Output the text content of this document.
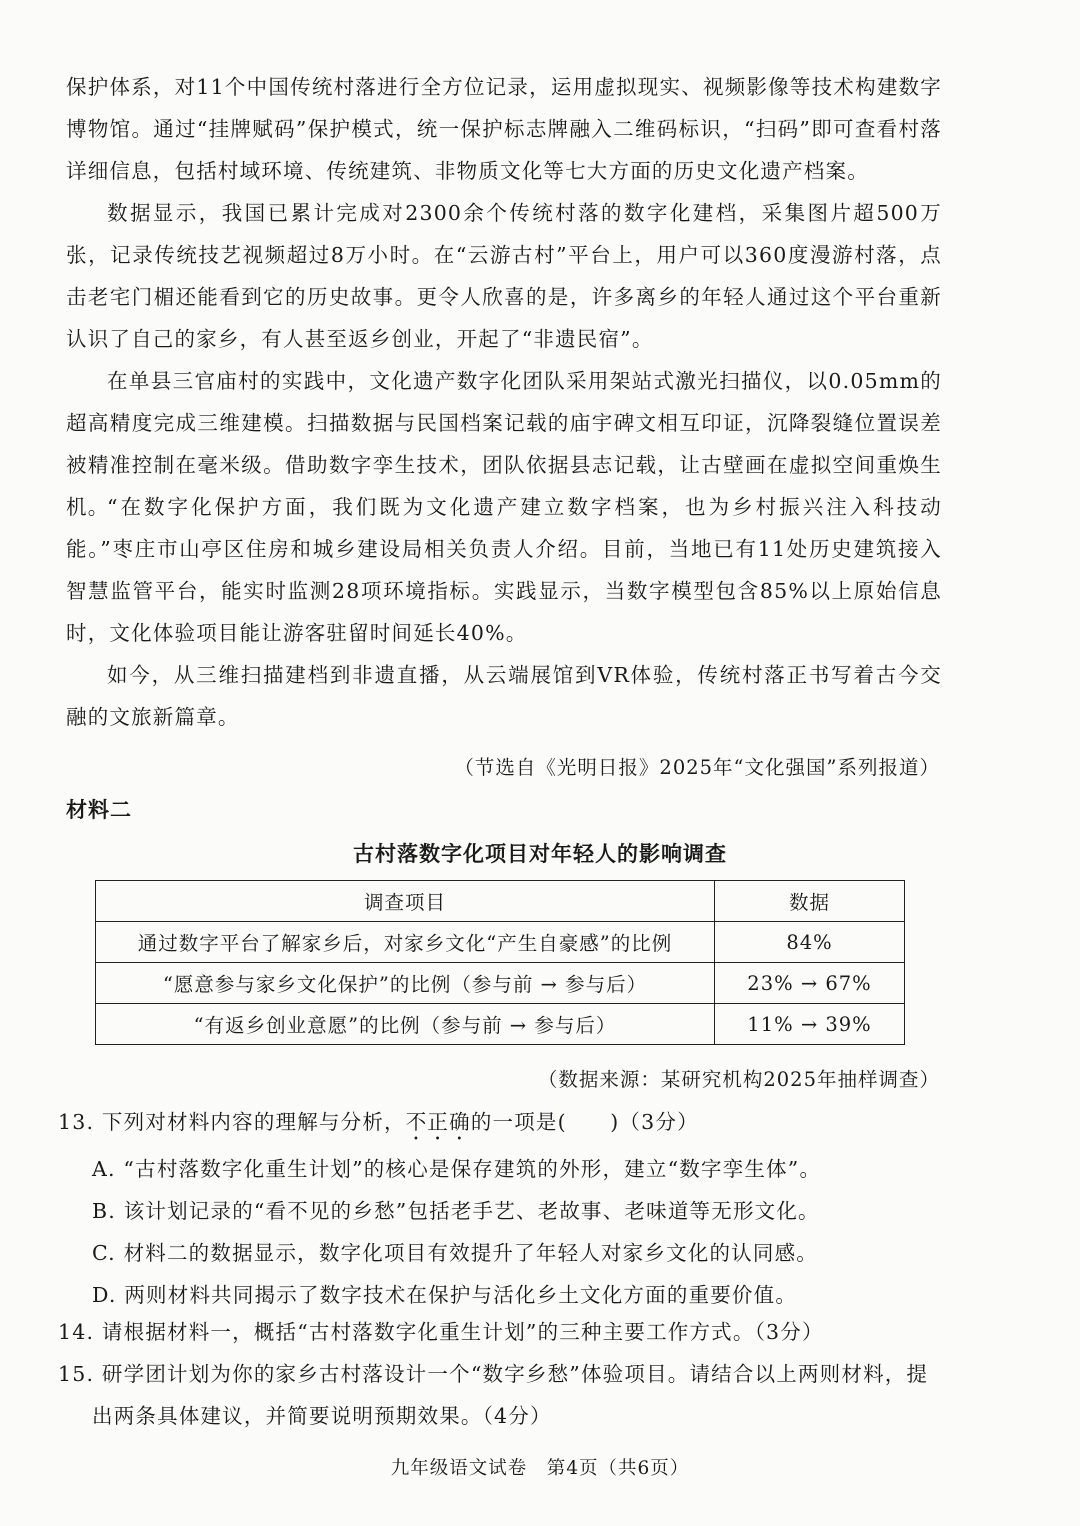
保护体系，对11个中国传统村落进行全方位记录，运用虚拟现实、视频影像等技术构建数字博物馆。通过“挂牌赋码”保护模式，统一保护标志牌融入二维码标识，“扫码”即可查看村落详细信息，包括村域环境、传统建筑、非物质文化等七大方面的历史文化遗产档案。

数据显示，我国已累计完成对2300余个传统村落的数字化建档，采集图片超500万张，记录传统技艺视频超过8万小时。在“云游古村”平台上，用户可以360度漫游村落，点击老宅门楣还能看到它的历史故事。更令人欣喜的是，许多离乡的年轻人通过这个平台重新认识了自己的家乡，有人甚至返乡创业，开起了“非遗民宿”。

在单县三官庙村的实践中，文化遗产数字化团队采用架站式激光扫描仪，以0.05mm的超高精度完成三维建模。扫描数据与民国档案记载的庙宇碑文相互印证，沉降裂缝位置误差被精准控制在毫米级。借助数字孪生技术，团队依据县志记载，让古壁画在虚拟空间重焕生机。

“在数字化保护方面，我们既为文化遗产建立数字档案，也为乡村振兴注入科技动能。”枣庄市山亭区住房和城乡建设局相关负责人介绍。目前，当地已有11处历史建筑接入智慧监管平台，能实时监测28项环境指标。实践显示，当数字模型包含85%以上原始信息时，文化体验项目能让游客驻留时间延长40%。

如今，从三维扫描建档到非遗直播，从云端展馆到VR体验，传统村落正书写着古今交融的文旅新篇章。

（节选自《光明日报》2025年“文化强国”系列报道）

材料二

古村落数字化项目对年轻人的影响调查

调查项目	数据
通过数字平台了解家乡后，对家乡文化“产生自豪感”的比例	84%
“愿意参与家乡文化保护”的比例（参与前 → 参与后）	23% → 67%
“有返乡创业意愿”的比例（参与前 → 参与后）	11% → 39%

（数据来源：某研究机构2025年抽样调查）

13. 下列对材料内容的理解与分析，不正确的一项是(　　)（3分）

A. “古村落数字化重生计划”的核心是保存建筑的外形，建立“数字孪生体”。

B. 该计划记录的“看不见的乡愁”包括老手艺、老故事、老味道等无形文化。

C. 材料二的数据显示，数字化项目有效提升了年轻人对家乡文化的认同感。

D. 两则材料共同揭示了数字技术在保护与活化乡土文化方面的重要价值。

14. 请根据材料一，概括“古村落数字化重生计划”的三种主要工作方式。（3分）

15. 研学团计划为你的家乡古村落设计一个“数字乡愁”体验项目。请结合以上两则材料，提

出两条具体建议，并简要说明预期效果。（4分）

九年级语文试卷　第4页（共6页）
